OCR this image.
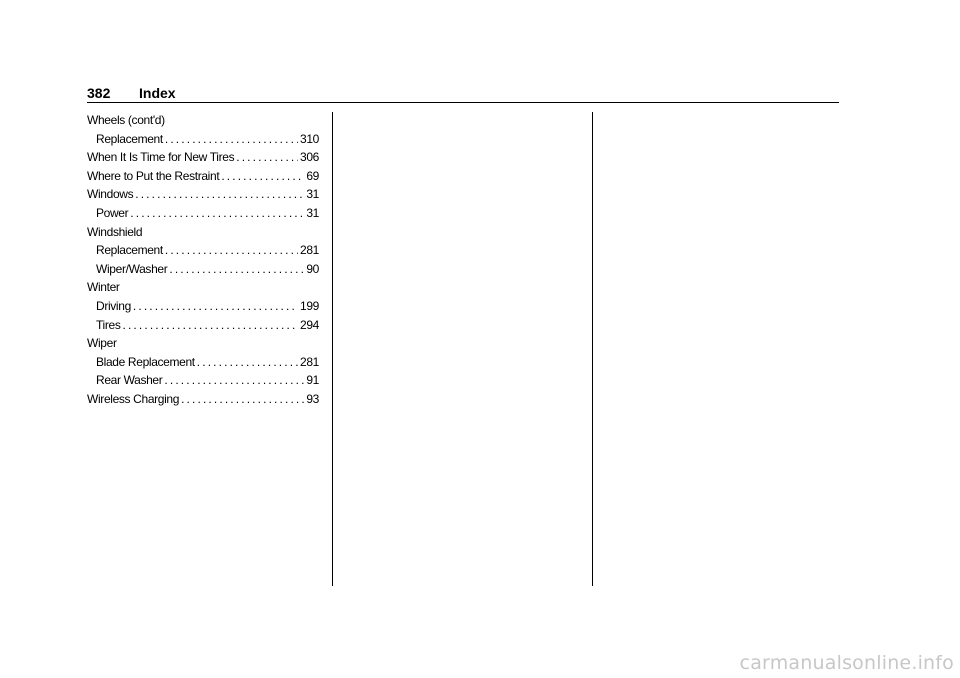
382 Index
Wheels (cont'd)
Replacement . . .	310
When It Is Time for New Tires . . .	306
Where to Put the Restraint . . .	69
Windows . . .	31
Power . . .	31
Windshield
Replacement . . .	281
Wiper/Washer . . .	90
Winter
Driving . . .	199
Tires . . .	294
Wiper
Blade Replacement . . .	281
Rear Washer . . .	91
Wireless Charging . . .	93
carmanualsonline.info
